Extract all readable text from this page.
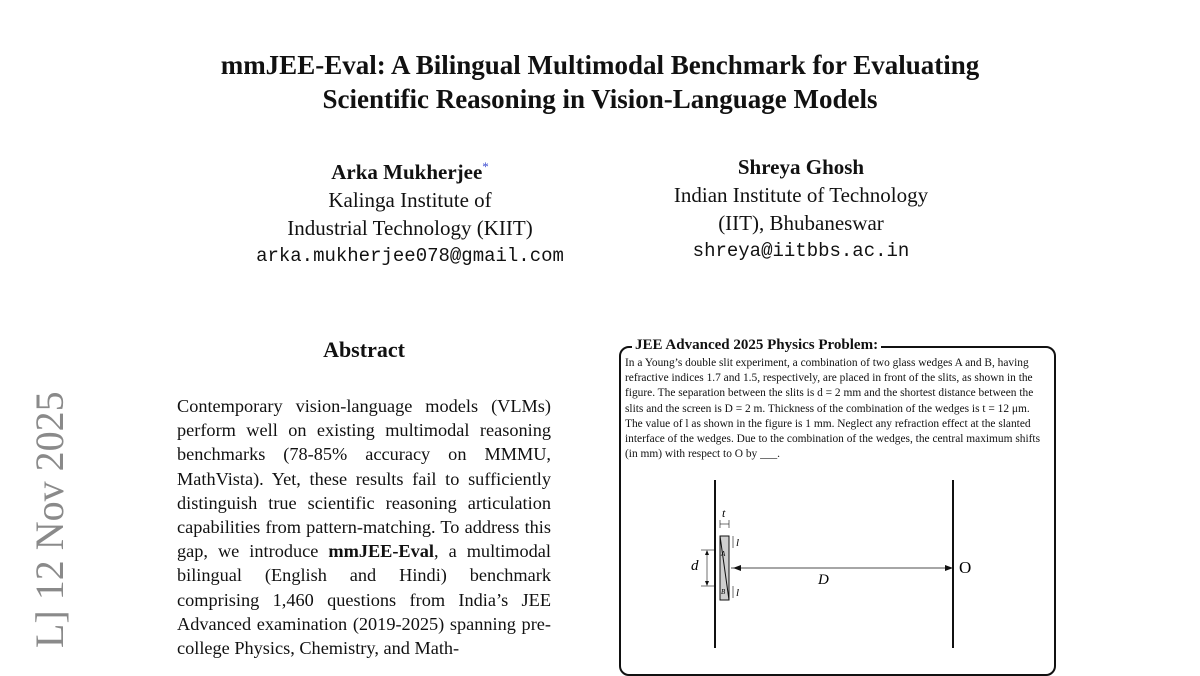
mmJEE-Eval: A Bilingual Multimodal Benchmark for Evaluating
Scientific Reasoning in Vision-Language Models
Arka Mukherjee*
Kalinga Institute of
Industrial Technology (KIIT)
arka.mukherjee078@gmail.com
Shreya Ghosh
Indian Institute of Technology
(IIT), Bhubaneswar
shreya@iitbbs.ac.in
L] 12 Nov 2025
Abstract
Contemporary vision-language models (VLMs) perform well on existing multimodal reasoning benchmarks (78-85% accuracy on MMMU, MathVista). Yet, these results fail to sufficiently distinguish true scientific reasoning articulation capabilities from pattern-matching. To address this gap, we introduce mmJEE-Eval, a multimodal bilingual (English and Hindi) benchmark comprising 1,460 questions from India’s JEE Advanced examination (2019-2025) spanning pre-college Physics, Chemistry, and Math-
JEE Advanced 2025 Physics Problem:
In a Young’s double slit experiment, a combination of two glass wedges A and B, having refractive indices 1.7 and 1.5, respectively, are placed in front of the slits, as shown in the figure. The separation between the slits is d = 2 mm and the shortest distance between the slits and the screen is D = 2 m. Thickness of the combination of the wedges is t = 12 μm. The value of l as shown in the figure is 1 mm. Neglect any refraction effect at the slanted interface of the wedges. Due to the combination of the wedges, the central maximum shifts (in mm) with respect to O by ___.
t
l
l
A
B
d
D
O
